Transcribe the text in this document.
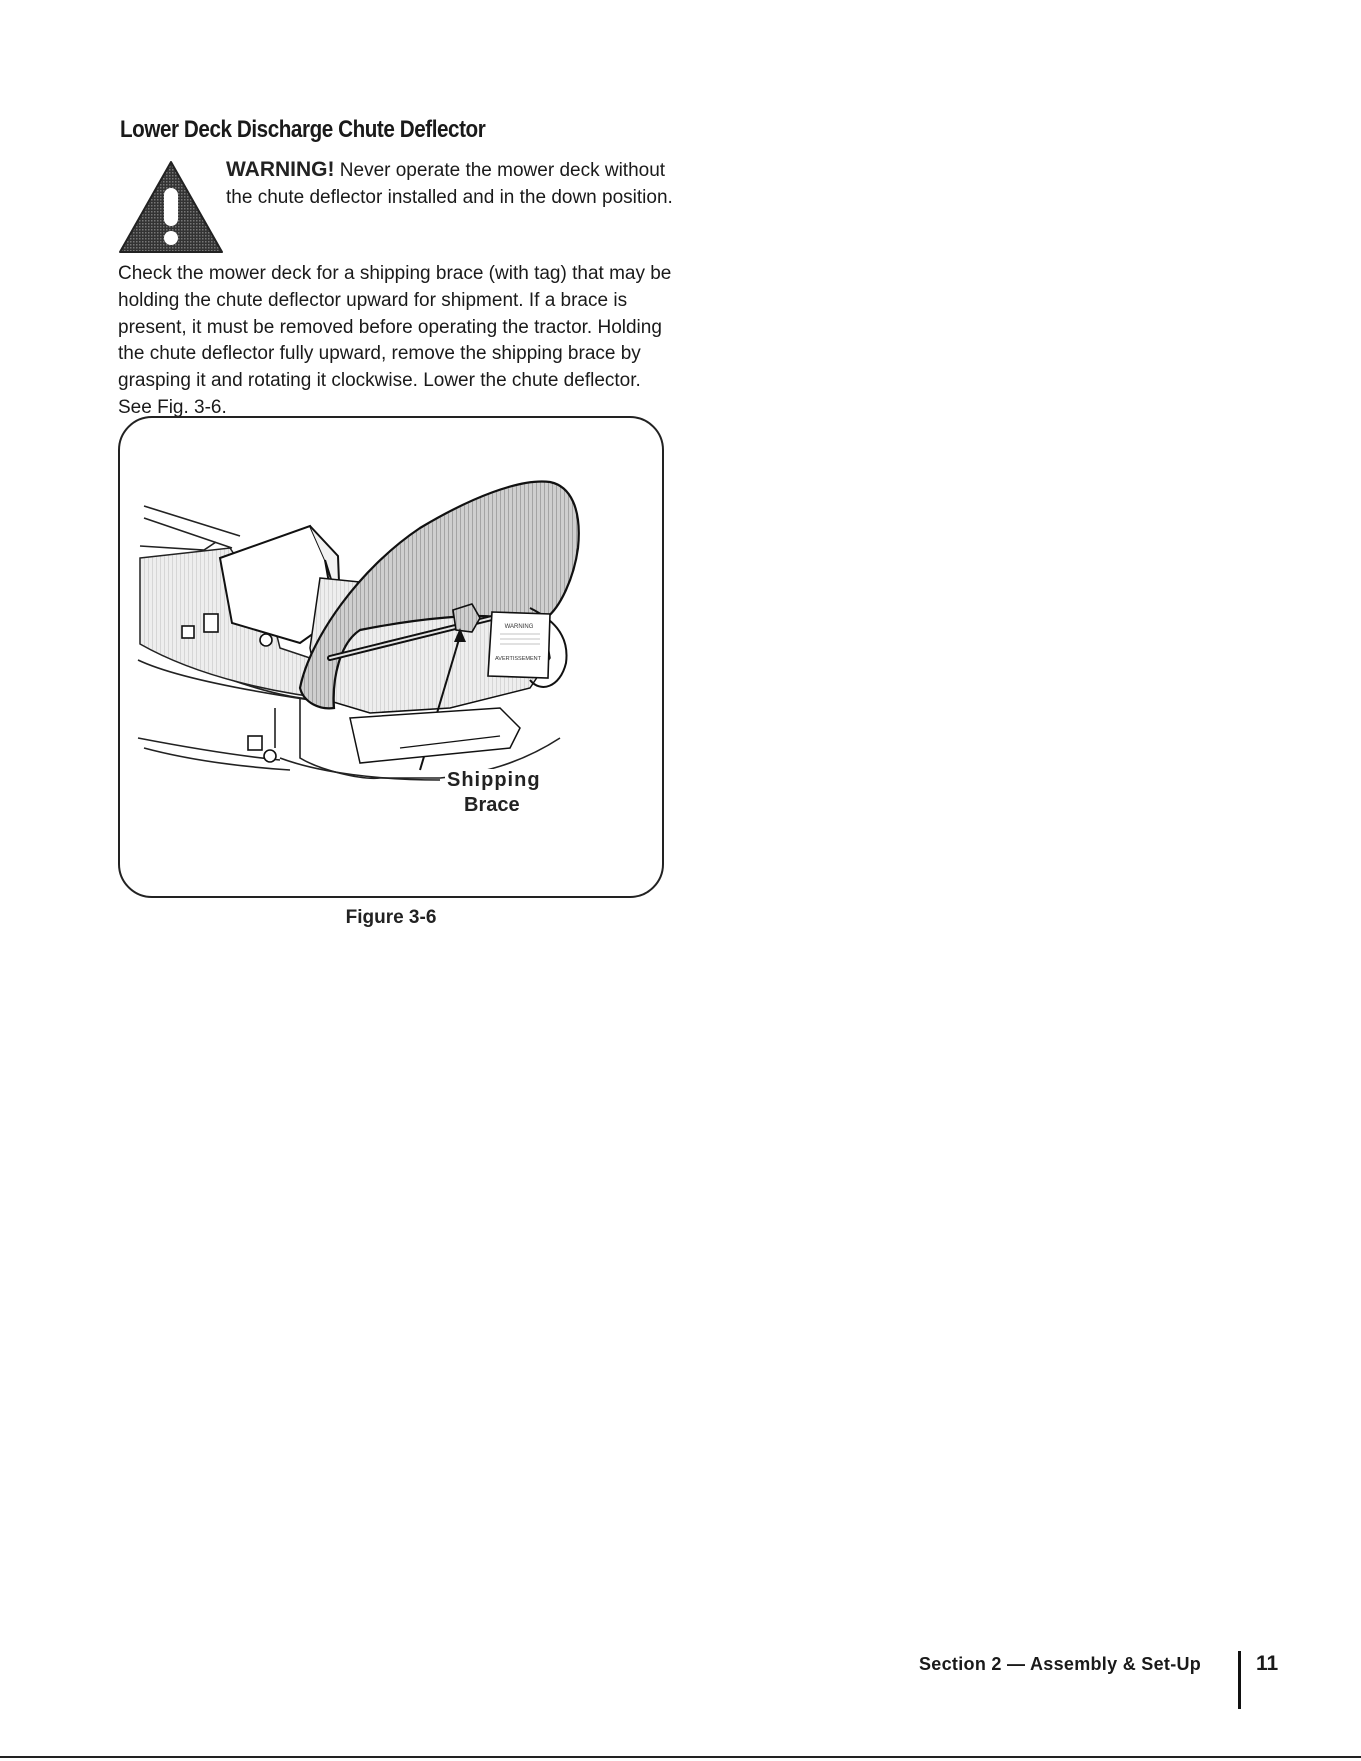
Lower Deck Discharge Chute Deflector
WARNING! Never operate the mower deck without the chute deflector installed and in the down position.
Check the mower deck for a shipping brace (with tag) that may be holding the chute deflector upward for shipment. If a brace is present, it must be removed before operating the tractor. Holding the chute deflector fully upward, remove the shipping brace by grasping it and rotating it clockwise. Lower the chute deflector. See Fig. 3-6.
WARNING
AVERTISSEMENT
Shipping
Brace
Figure 3-6
Section 2 — Assembly & Set-Up	11
